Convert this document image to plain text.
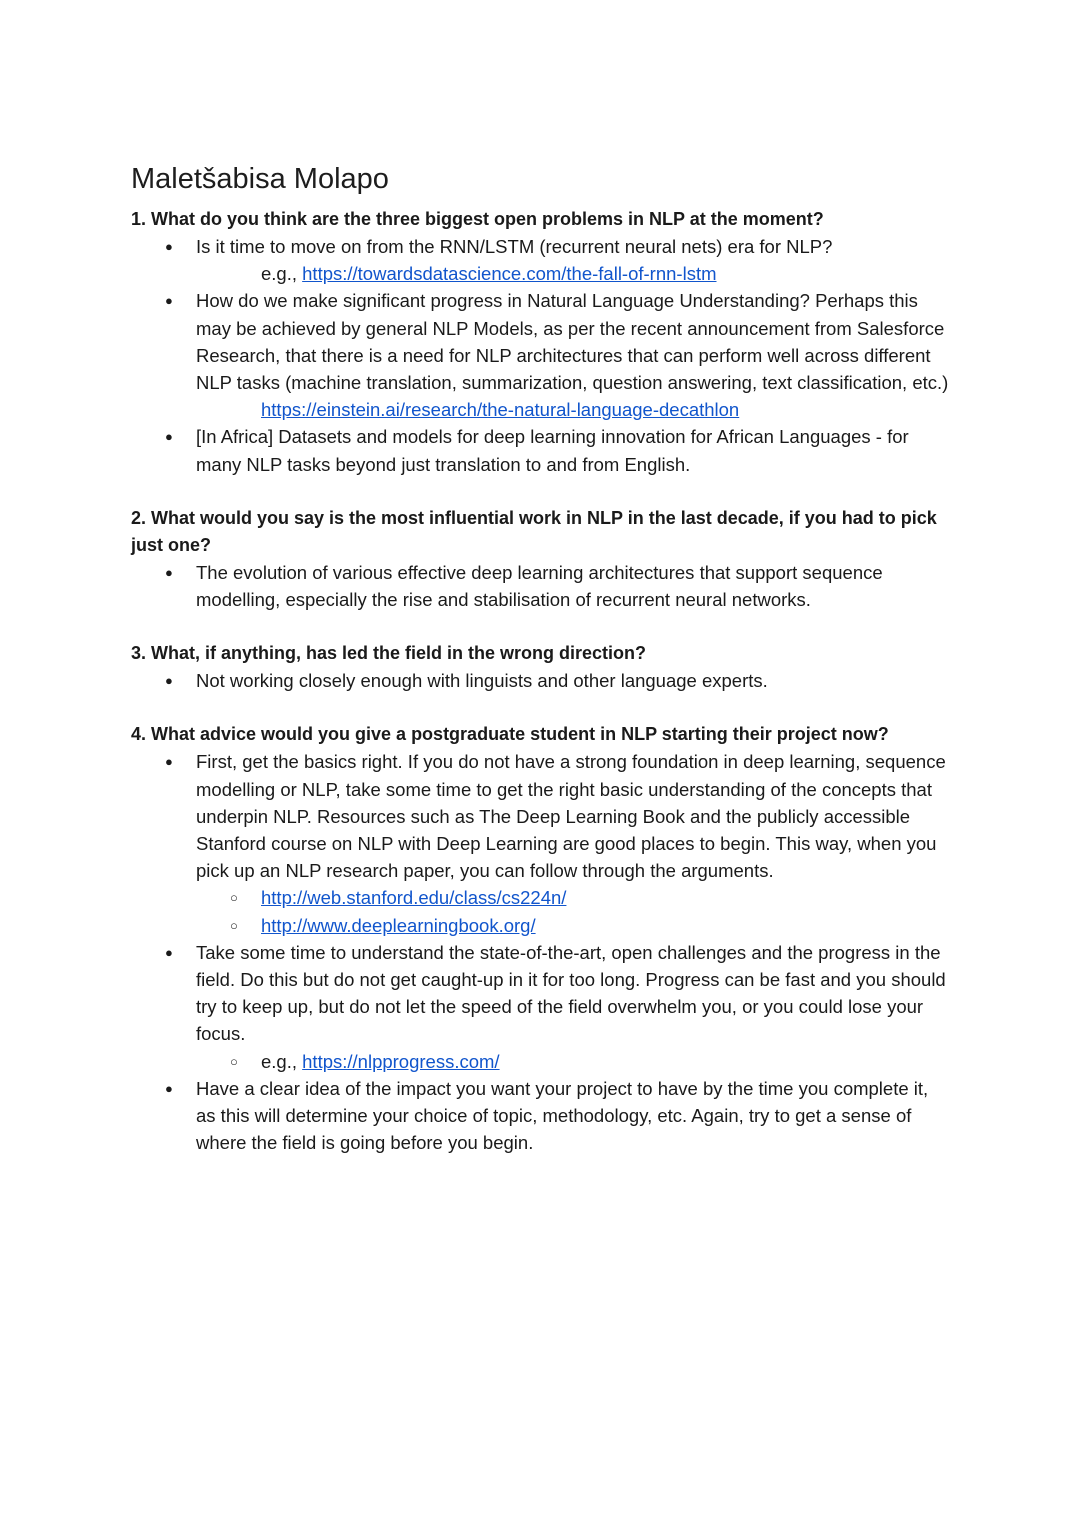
Maletšabisa Molapo

1. What do you think are the three biggest open problems in NLP at the moment?

● Is it time to move on from the RNN/LSTM (recurrent neural nets) era for NLP?
e.g., https://towardsdatascience.com/the-fall-of-rnn-lstm
● How do we make significant progress in Natural Language Understanding? Perhaps this may be achieved by general NLP Models, as per the recent announcement from Salesforce Research, that there is a need for NLP architectures that can perform well across different NLP tasks (machine translation, summarization, question answering, text classification, etc.)
https://einstein.ai/research/the-natural-language-decathlon
● [In Africa] Datasets and models for deep learning innovation for African Languages - for many NLP tasks beyond just translation to and from English.

2. What would you say is the most influential work in NLP in the last decade, if you had to pick just one?

● The evolution of various effective deep learning architectures that support sequence modelling, especially the rise and stabilisation of recurrent neural networks.

3. What, if anything, has led the field in the wrong direction?

● Not working closely enough with linguists and other language experts.

4. What advice would you give a postgraduate student in NLP starting their project now?

● First, get the basics right. If you do not have a strong foundation in deep learning, sequence modelling or NLP, take some time to get the right basic understanding of the concepts that underpin NLP. Resources such as The Deep Learning Book and the publicly accessible Stanford course on NLP with Deep Learning are good places to begin. This way, when you pick up an NLP research paper, you can follow through the arguments.
○ http://web.stanford.edu/class/cs224n/
○ http://www.deeplearningbook.org/
● Take some time to understand the state-of-the-art, open challenges and the progress in the field. Do this but do not get caught-up in it for too long. Progress can be fast and you should try to keep up, but do not let the speed of the field overwhelm you, or you could lose your focus.
○ e.g., https://nlpprogress.com/
● Have a clear idea of the impact you want your project to have by the time you complete it, as this will determine your choice of topic, methodology, etc. Again, try to get a sense of where the field is going before you begin.
